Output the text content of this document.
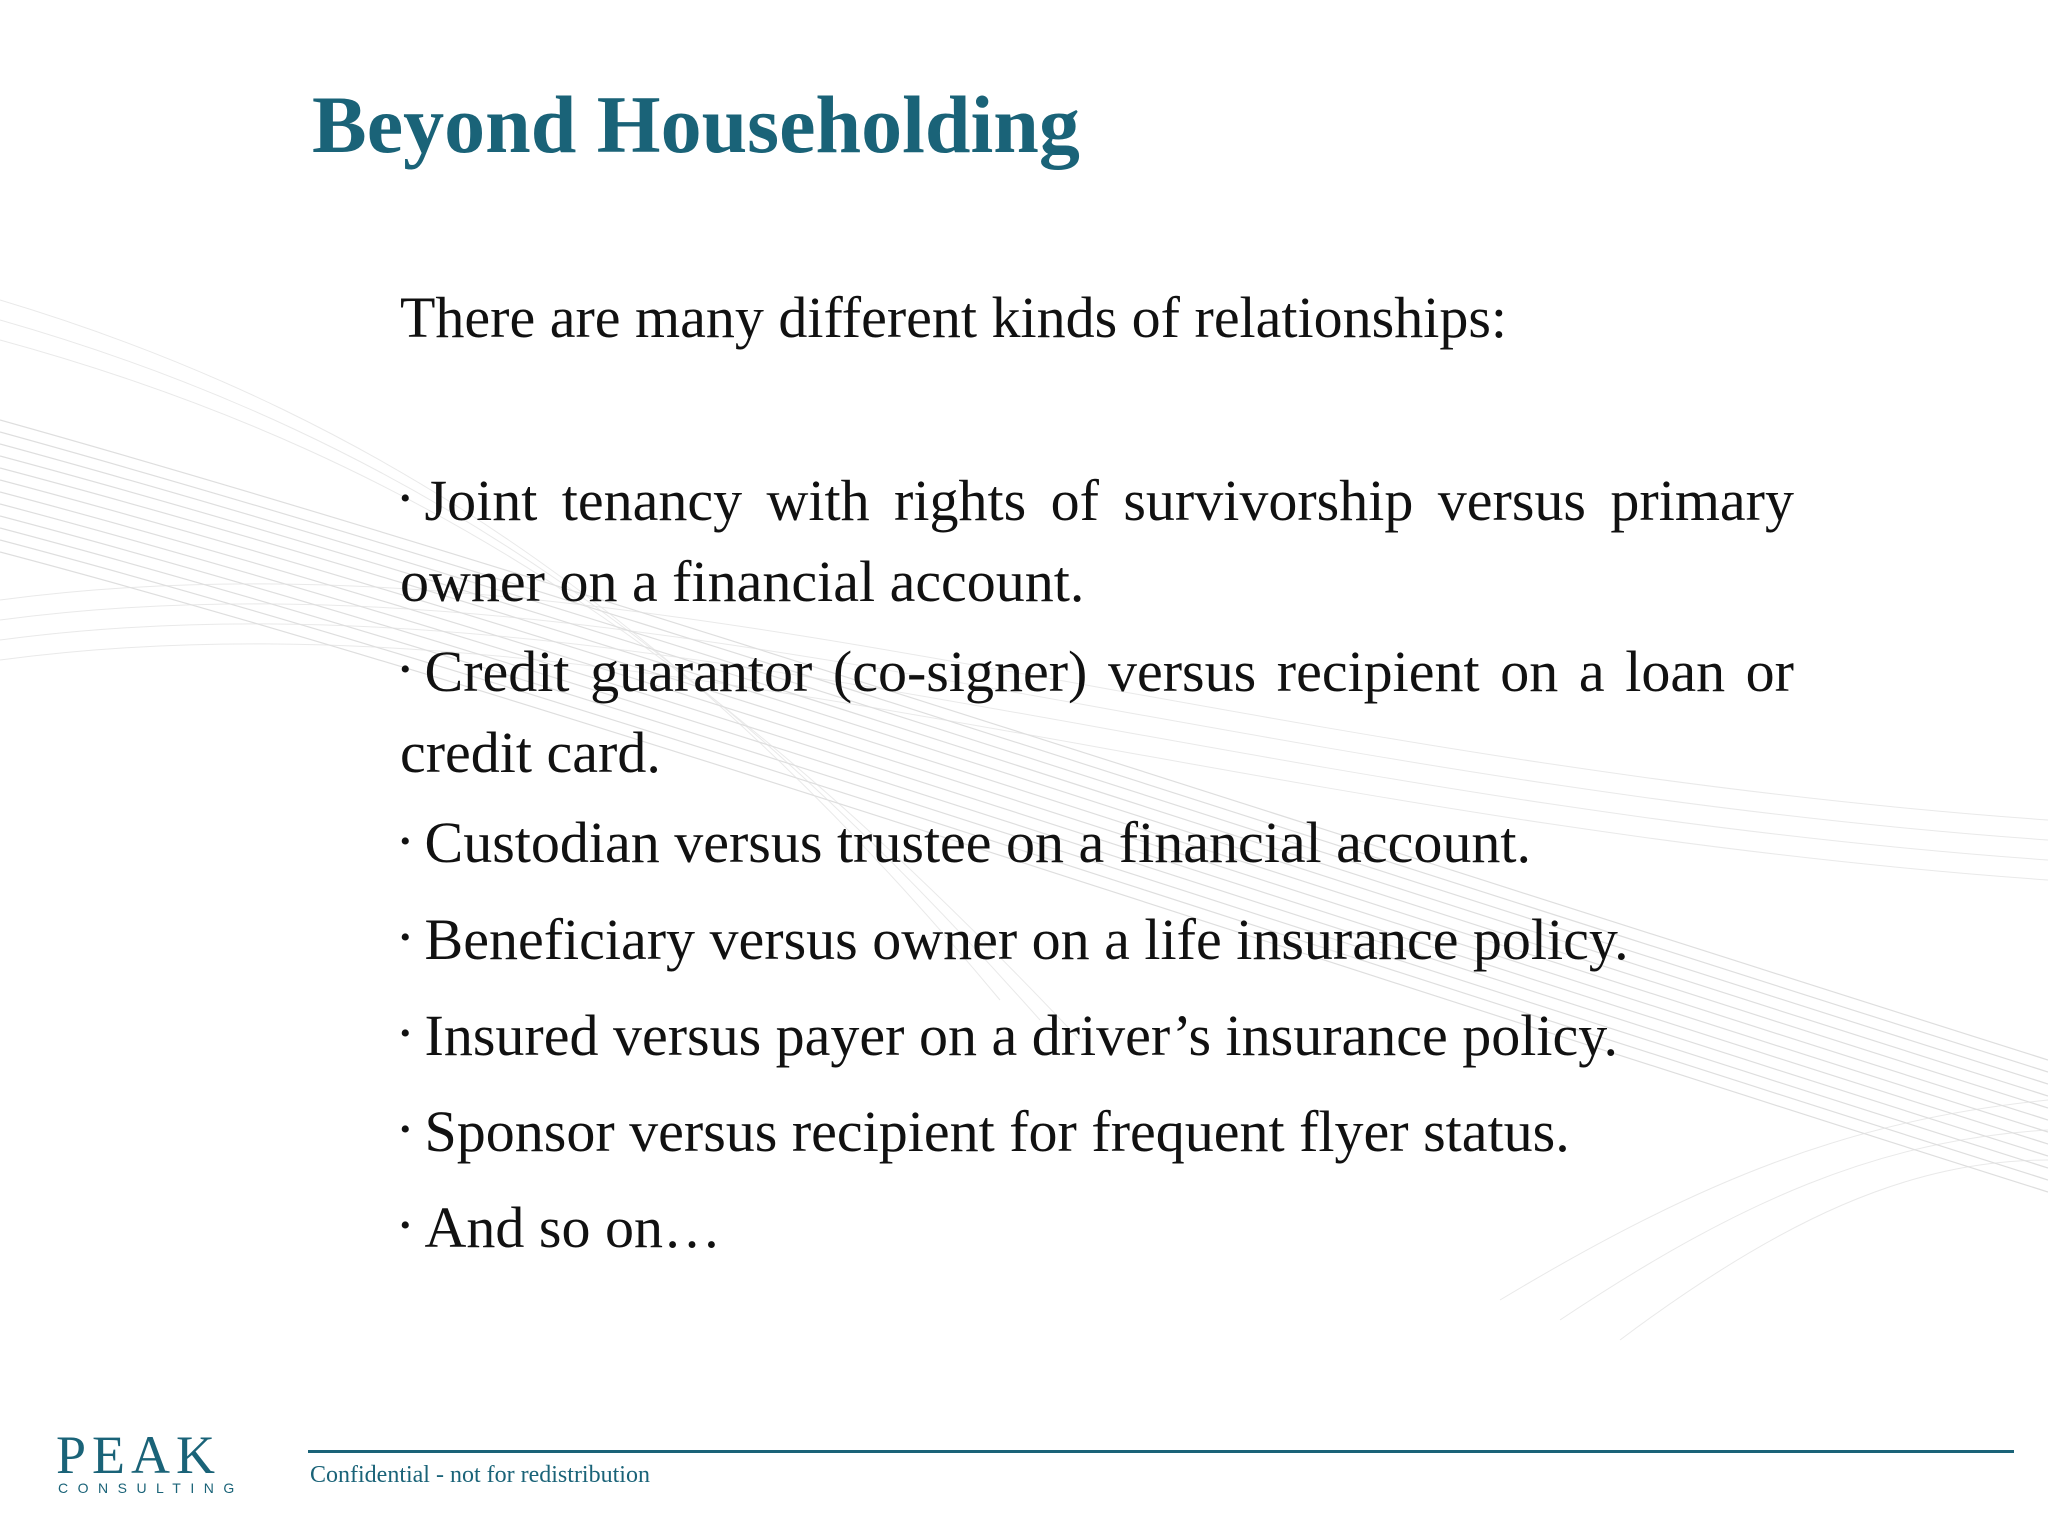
Beyond Householding
There are many different kinds of relationships:
• Joint tenancy with rights of survivorship versus primary owner on a financial account.
• Credit guarantor (co-signer) versus recipient on a loan or credit card.
• Custodian versus trustee on a financial account.
• Beneficiary versus owner on a life insurance policy.
• Insured versus payer on a driver’s insurance policy.
• Sponsor versus recipient for frequent flyer status.
• And so on…
PEAK
CONSULTING	Confidential - not for redistribution
